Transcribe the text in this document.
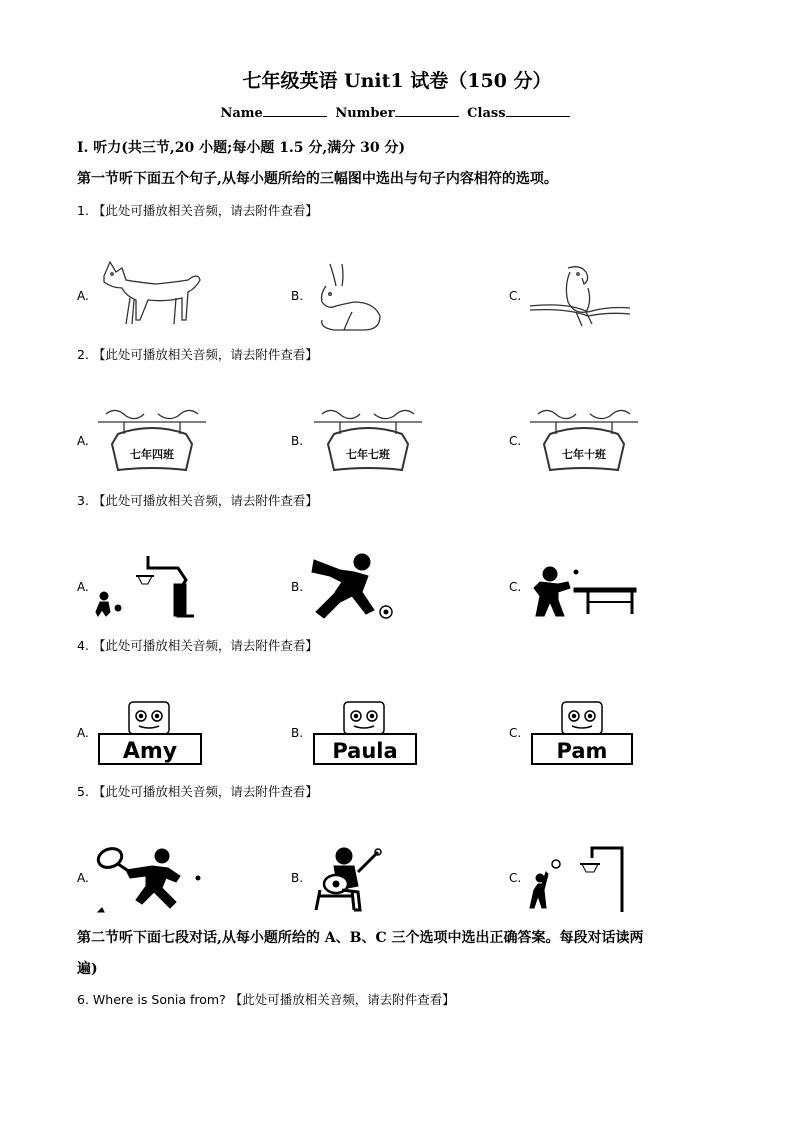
七年级英语 Unit1 试卷（150 分）
Name	Number	Class
I. 听力(共三节,20 小题;每小题 1.5 分,满分 30 分)
第一节听下面五个句子,从每小题所给的三幅图中选出与句子内容相符的选项。
1. 【此处可播放相关音频，请去附件查看】
A.	B.	C.
2. 【此处可播放相关音频，请去附件查看】
A.	B.	C.
七年四班	七年七班	七年十班
3. 【此处可播放相关音频，请去附件查看】
A.	B.	C.
4. 【此处可播放相关音频，请去附件查看】
A.	B.	C.
Amy	Paula	Pam
5. 【此处可播放相关音频，请去附件查看】
A.	B.	C.
第二节听下面七段对话,从每小题所给的 A、B、C 三个选项中选出正确答案。每段对话读两
遍)
6. Where is Sonia from? 【此处可播放相关音频，请去附件查看】
